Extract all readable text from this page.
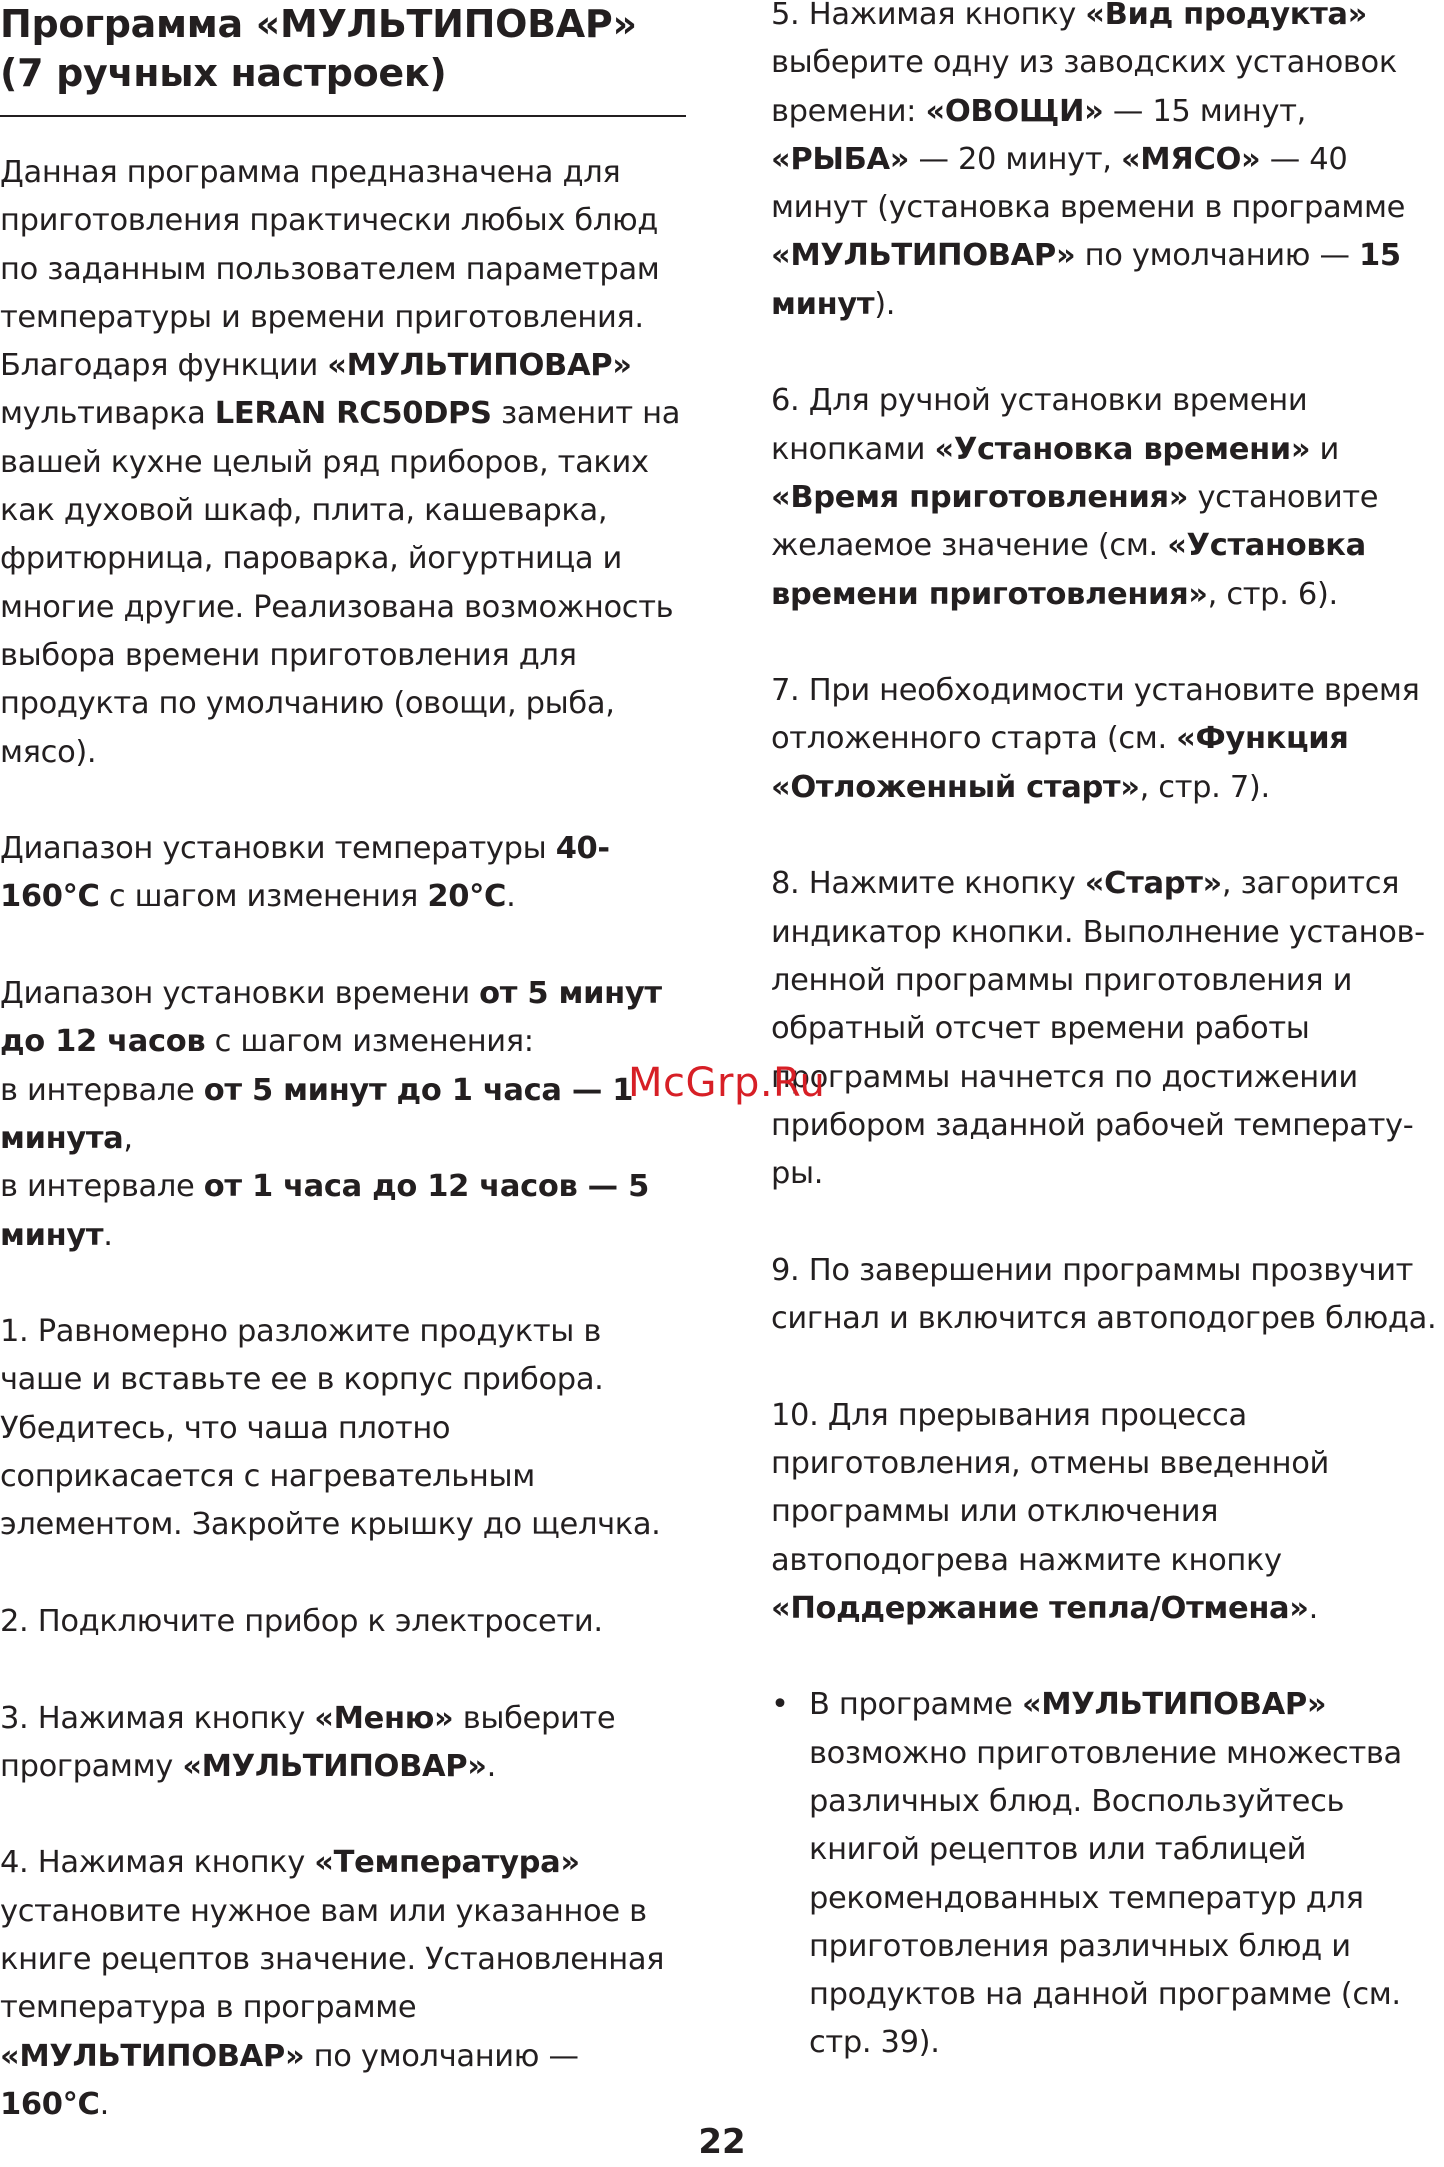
Программа «МУЛЬТИПОВАР»
(7 ручных настроек)

Данная программа предназначена для приготовления практически любых блюд по заданным пользователем параметрам температуры и времени приготовления. Благодаря функции «МУЛЬТИПОВАР» мультиварка LERAN RC50DPS заменит на вашей кухне целый ряд приборов, таких как духовой шкаф, плита, кашеварка, фритюрница, пароварка, йогуртница и многие другие. Реализована возможность выбора времени приготовления для продукта по умолчанию (овощи, рыба, мясо).

Диапазон установки температуры 40-160°С с шагом изменения 20°С.

Диапазон установки времени от 5 минут до 12 часов с шагом изменения:
в интервале от 5 минут до 1 часа — 1 минута,
в интервале от 1 часа до 12 часов — 5 минут.

1. Равномерно разложите продукты в чаше и вставьте ее в корпус прибора. Убедитесь, что чаша плотно соприкасается с нагревательным элементом. Закройте крышку до щелчка.

2. Подключите прибор к электросети.

3. Нажимая кнопку «Меню» выберите программу «МУЛЬТИПОВАР».

4. Нажимая кнопку «Температура» установите нужное вам или указанное в книге рецептов значение. Установленная температура в программе «МУЛЬТИПОВАР» по умолчанию — 160°С.

5. Нажимая кнопку «Вид продукта» выберите одну из заводских установок времени: «ОВОЩИ» — 15 минут, «РЫБА» — 20 минут, «МЯСО» — 40 минут (установка времени в программе «МУЛЬТИПОВАР» по умолчанию — 15 минут).

6. Для ручной установки времени кнопками «Установка времени» и «Время приготовления» установите желаемое значение (см. «Установка времени приготовления», стр. 6).

7. При необходимости установите время отложенного старта (см. «Функция «Отложенный старт», стр. 7).

8. Нажмите кнопку «Старт», загорится индикатор кнопки. Выполнение установленной программы приготовления и обратный отсчет времени работы программы начнется по достижении прибором заданной рабочей температуры.

9. По завершении программы прозвучит сигнал и включится автоподогрев блюда.

10. Для прерывания процесса приготовления, отмены введенной программы или отключения автоподогрева нажмите кнопку «Поддержание тепла/Отмена».

• В программе «МУЛЬТИПОВАР» возможно приготовление множества различных блюд. Воспользуйтесь книгой рецептов или таблицей рекомендованных температур для приготовления различных блюд и продуктов на данной программе (см. стр. 39).

McGrp.Ru
22
